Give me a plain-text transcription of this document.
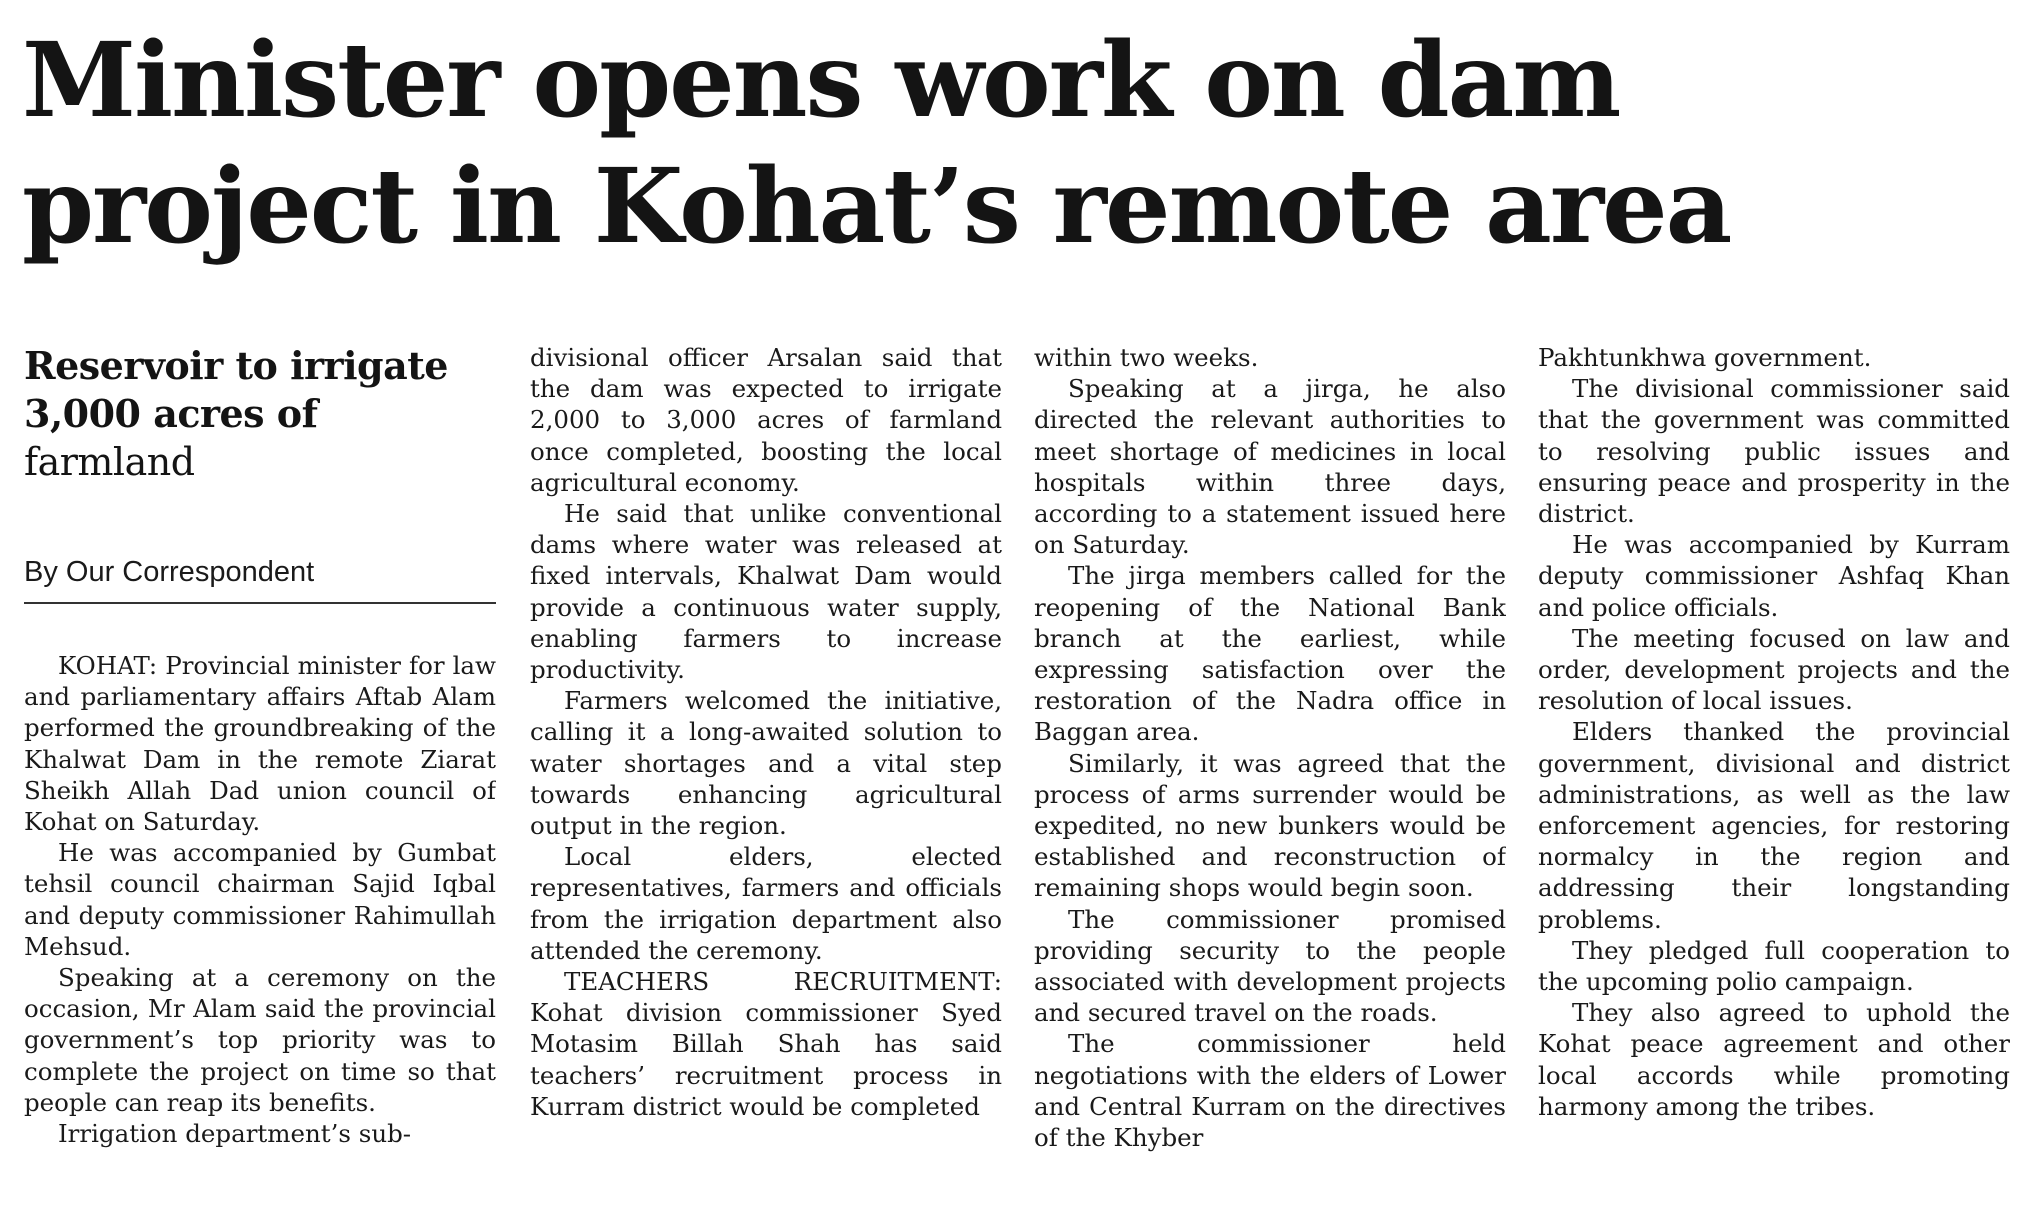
Minister opens work on dam
project in Kohat’s remote area
Reservoir to irrigate 3,000 acres of
farmland
By Our Correspondent

KOHAT: Provincial minister for law and parliamentary affairs Aftab Alam performed the groundbreaking of the Khalwat Dam in the remote Ziarat Sheikh Allah Dad union council of Kohat on Saturday.

He was accompanied by Gumbat tehsil council chairman Sajid Iqbal and deputy commissioner Rahimullah Mehsud.

Speaking at a ceremony on the occasion, Mr Alam said the provincial government’s top priority was to complete the project on time so that people can reap its benefits.

Irrigation department’s sub-

divisional officer Arsalan said that the dam was expected to irrigate 2,000 to 3,000 acres of farmland once completed, boosting the local agricultural economy.

He said that unlike conventional dams where water was released at fixed intervals, Khalwat Dam would provide a continuous water supply, enabling farmers to increase productivity.

Farmers welcomed the initiative, calling it a long-awaited solution to water shortages and a vital step towards enhancing agricultural output in the region.

Local elders, elected representatives, farmers and officials from the irrigation department also attended the ceremony.

TEACHERS RECRUITMENT: Kohat division commissioner Syed Motasim Billah Shah has said teachers’ recruitment process in Kurram district would be completed

within two weeks.

Speaking at a jirga, he also directed the relevant authorities to meet shortage of medicines in local hospitals within three days, according to a statement issued here on Saturday.

The jirga members called for the reopening of the National Bank branch at the earliest, while expressing satisfaction over the restoration of the Nadra office in Baggan area.

Similarly, it was agreed that the process of arms surrender would be expedited, no new bunkers would be established and reconstruction of remaining shops would begin soon.

The commissioner promised providing security to the people associated with development projects and secured travel on the roads.

The commissioner held negotiations with the elders of Lower and Central Kurram on the directives of the Khyber

Pakhtunkhwa government.

The divisional commissioner said that the government was committed to resolving public issues and ensuring peace and prosperity in the district.

He was accompanied by Kurram deputy commissioner Ashfaq Khan and police officials.

The meeting focused on law and order, development projects and the resolution of local issues.

Elders thanked the provincial government, divisional and district administrations, as well as the law enforcement agencies, for restoring normalcy in the region and addressing their longstanding problems.

They pledged full cooperation to the upcoming polio campaign.

They also agreed to uphold the Kohat peace agreement and other local accords while promoting harmony among the tribes.
